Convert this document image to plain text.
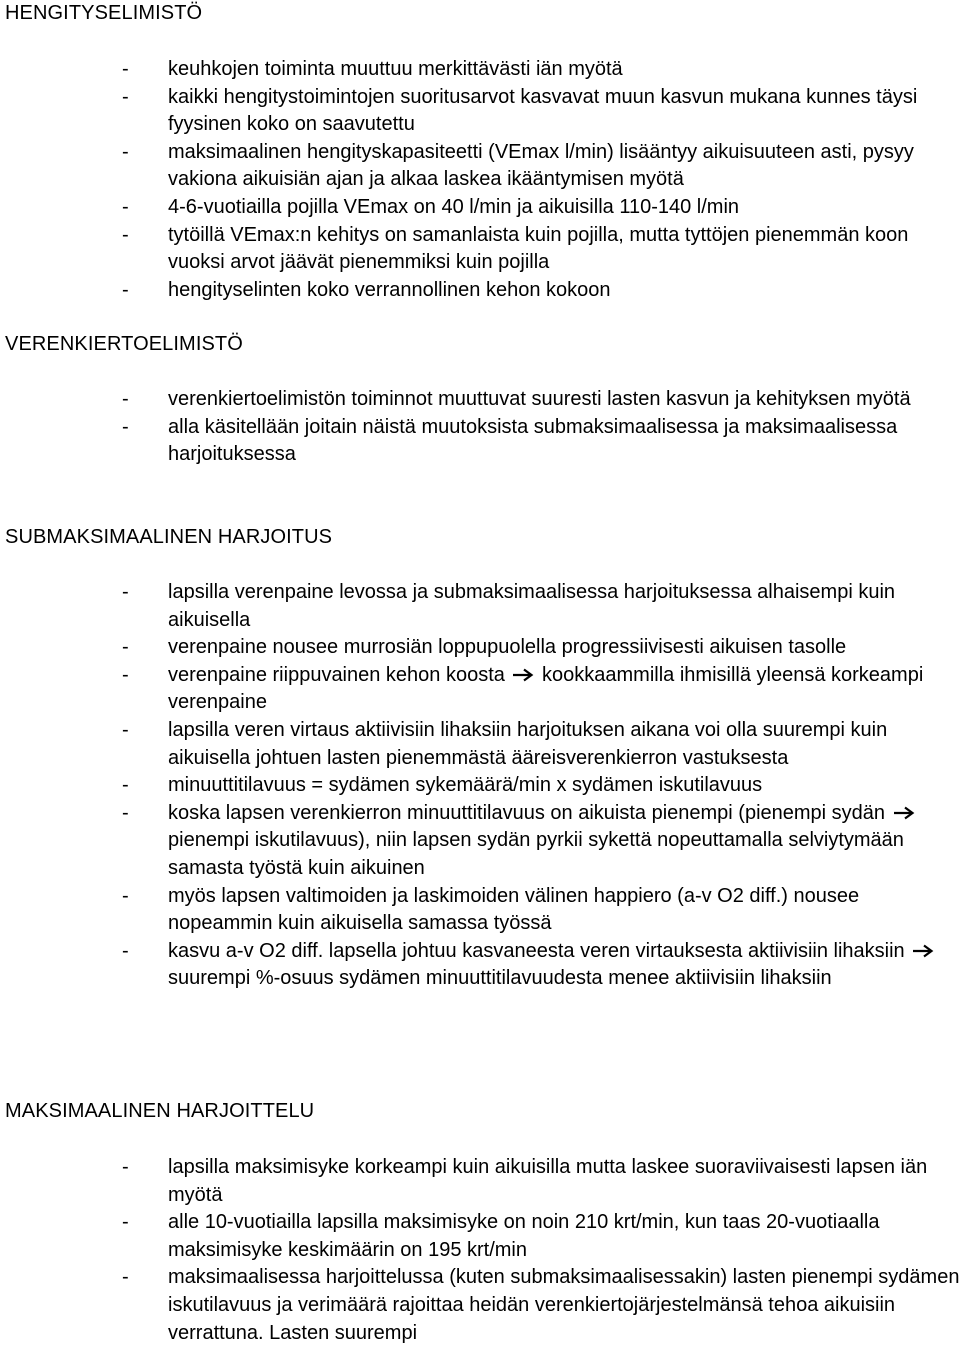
HENGITYSELIMISTÖ
- keuhkojen toiminta muuttuu merkittävästi iän myötä
- kaikki hengitystoimintojen suoritusarvot kasvavat muun kasvun mukana kunnes täysi fyysinen koko on saavutettu
- maksimaalinen hengityskapasiteetti (VEmax l/min) lisääntyy aikuisuuteen asti, pysyy vakiona aikuisiän ajan ja alkaa laskea ikääntymisen myötä
- 4-6-vuotiailla pojilla VEmax on 40 l/min ja aikuisilla 110-140 l/min
- tytöillä VEmax:n kehitys on samanlaista kuin pojilla, mutta tyttöjen pienemmän koon vuoksi arvot jäävät pienemmiksi kuin pojilla
- hengityselinten koko verrannollinen kehon kokoon
VERENKIERTOELIMISTÖ
- verenkiertoelimistön toiminnot muuttuvat suuresti lasten kasvun ja kehityksen myötä
- alla käsitellään joitain näistä muutoksista submaksimaalisessa ja maksimaalisessa harjoituksessa
SUBMAKSIMAALINEN HARJOITUS
- lapsilla verenpaine levossa ja submaksimaalisessa harjoituksessa alhaisempi kuin aikuisella
- verenpaine nousee murrosiän loppupuolella progressiivisesti aikuisen tasolle
- verenpaine riippuvainen kehon koosta kookkaammilla ihmisillä yleensä korkeampi verenpaine
- lapsilla veren virtaus aktiivisiin lihaksiin harjoituksen aikana voi olla suurempi kuin aikuisella johtuen lasten pienemmästä ääreisverenkierron vastuksesta
- minuuttitilavuus = sydämen sykemäärä/min x sydämen iskutilavuus
- koska lapsen verenkierron minuuttitilavuus on aikuista pienempi (pienempi sydän
pienempi iskutilavuus), niin lapsen sydän pyrkii sykettä nopeuttamalla selviytymään samasta työstä kuin aikuinen
- myös lapsen valtimoiden ja laskimoiden välinen happiero (a-v O2 diff.) nousee nopeammin kuin aikuisella samassa työssä
- kasvu a-v O2 diff. lapsella johtuu kasvaneesta veren virtauksesta aktiivisiin lihaksiin
suurempi %-osuus sydämen minuuttitilavuudesta menee aktiivisiin lihaksiin
MAKSIMAALINEN HARJOITTELU
- lapsilla maksimisyke korkeampi kuin aikuisilla mutta laskee suoraviivaisesti lapsen iän myötä
- alle 10-vuotiailla lapsilla maksimisyke on noin 210 krt/min, kun taas 20-vuotiaalla maksimisyke keskimäärin on 195 krt/min
- maksimaalisessa harjoittelussa (kuten submaksimaalisessakin) lasten pienempi sydämen iskutilavuus ja verimäärä rajoittaa heidän verenkiertojärjestelmänsä tehoa aikuisiin verrattuna. Lasten suurempi
